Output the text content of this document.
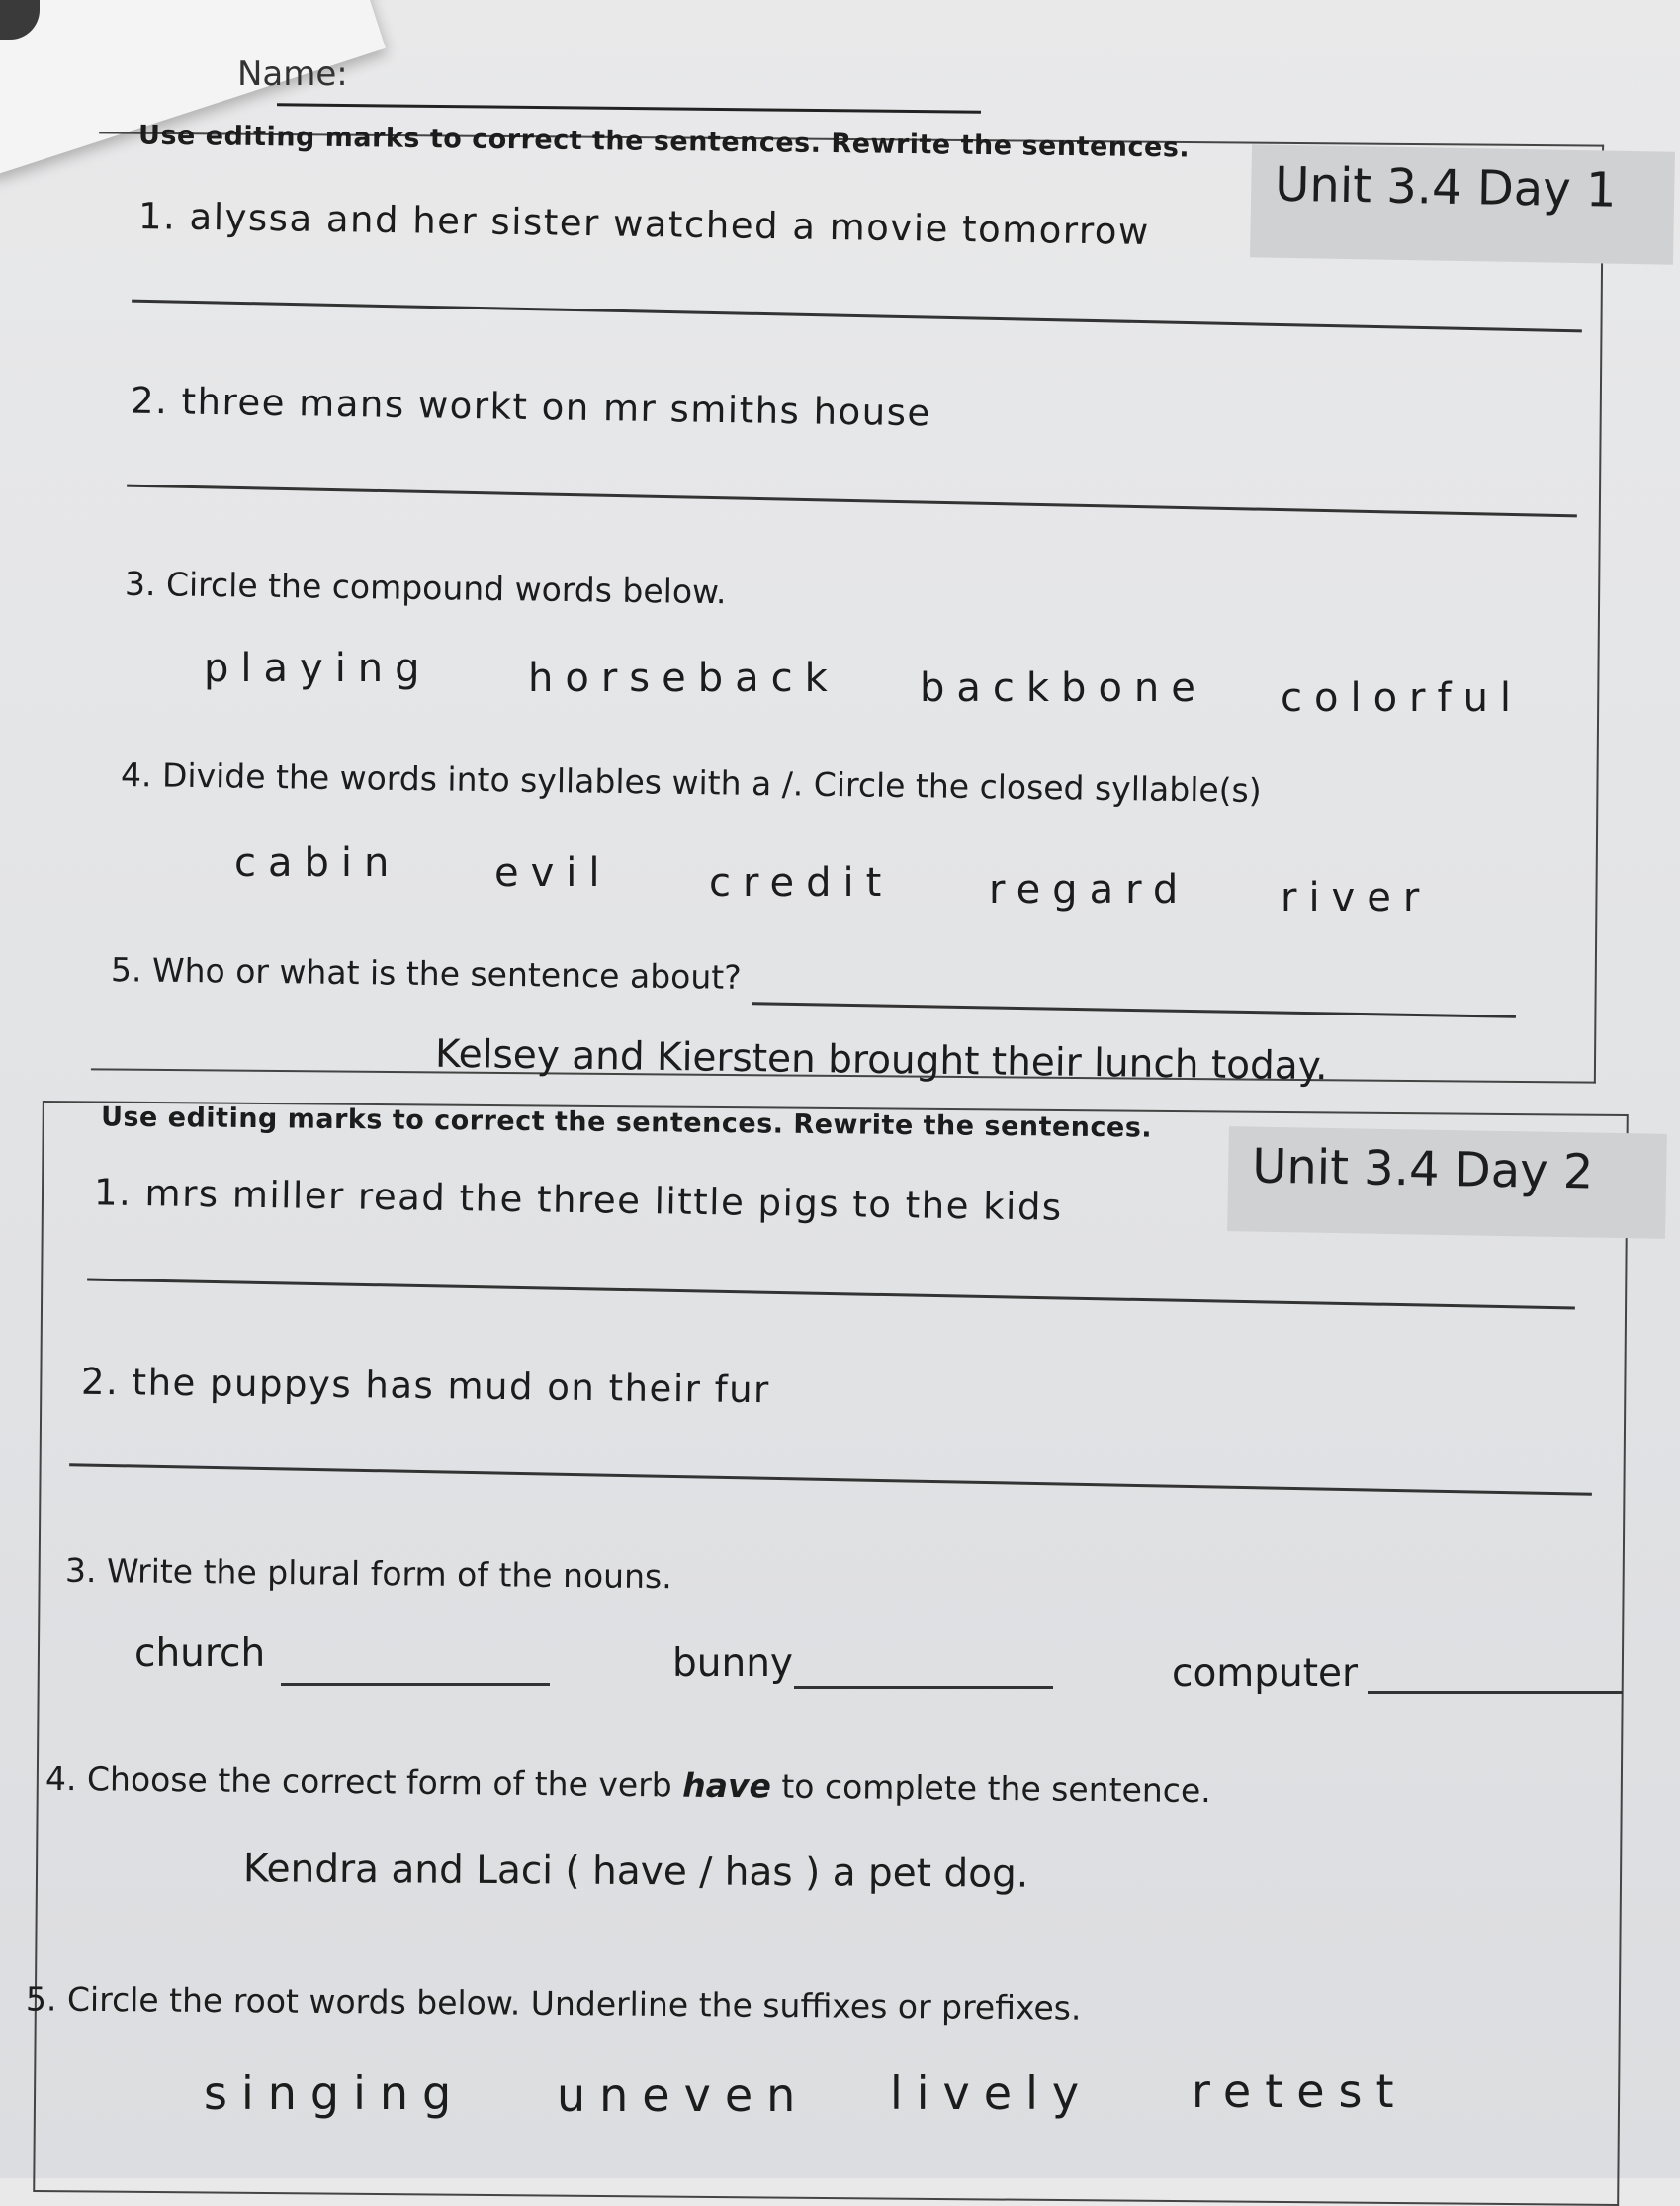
Name:
Unit 3.4 Day 1
Use editing marks to correct the sentences. Rewrite the sentences.
1. alyssa and her sister watched a movie tomorrow
2. three mans workt on mr smiths house
3. Circle the compound words below.
playing horseback backbone colorful
4. Divide the words into syllables with a /. Circle the closed syllable(s)
cabin evil credit regard river
5. Who or what is the sentence about?
Kelsey and Kiersten brought their lunch today.
Unit 3.4 Day 2
Use editing marks to correct the sentences. Rewrite the sentences.
1. mrs miller read the three little pigs to the kids
2. the puppys has mud on their fur
3. Write the plural form of the nouns.
church	bunny	computer
4. Choose the correct form of the verb have to complete the sentence.
Kendra and Laci ( have / has ) a pet dog.
5. Circle the root words below. Underline the suffixes or prefixes.
singing uneven lively retest
